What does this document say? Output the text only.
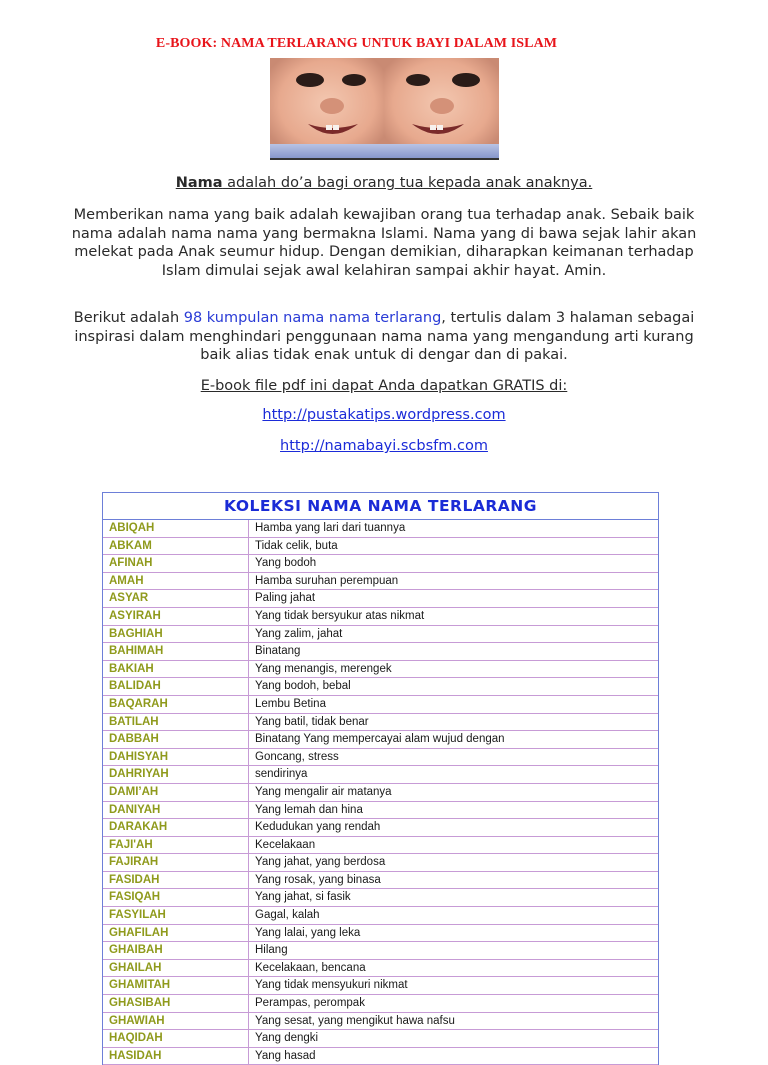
E-BOOK: NAMA TERLARANG UNTUK BAYI DALAM ISLAM
Nama adalah do’a bagi orang tua kepada anak anaknya.
Memberikan nama yang baik adalah kewajiban orang tua terhadap anak. Sebaik baik nama adalah nama nama yang bermakna Islami. Nama yang di bawa sejak lahir akan melekat pada Anak seumur hidup. Dengan demikian, diharapkan keimanan terhadap Islam dimulai sejak awal kelahiran sampai akhir hayat. Amin.
Berikut adalah 98 kumpulan nama nama terlarang, tertulis dalam 3 halaman sebagai inspirasi dalam menghindari penggunaan nama nama yang mengandung arti kurang baik alias tidak enak untuk di dengar dan di pakai.
E-book file pdf ini dapat Anda dapatkan GRATIS di:
http://pustakatips.wordpress.com
http://namabayi.scbsfm.com
KOLEKSI NAMA NAMA TERLARANG
ABIQAH	Hamba yang lari dari tuannya
ABKAM	Tidak celik, buta
AFINAH	Yang bodoh
AMAH	Hamba suruhan perempuan
ASYAR	Paling jahat
ASYIRAH	Yang tidak bersyukur atas nikmat
BAGHIAH	Yang zalim, jahat
BAHIMAH	Binatang
BAKIAH	Yang menangis, merengek
BALIDAH	Yang bodoh, bebal
BAQARAH	Lembu Betina
BATILAH	Yang batil, tidak benar
DABBAH	Binatang Yang mempercayai alam wujud dengan
DAHISYAH	Goncang, stress
DAHRIYAH	sendirinya
DAMI’AH	Yang mengalir air matanya
DANIYAH	Yang lemah dan hina
DARAKAH	Kedudukan yang rendah
FAJI'AH	Kecelakaan
FAJIRAH	Yang jahat, yang berdosa
FASIDAH	Yang rosak, yang binasa
FASIQAH	Yang jahat, si fasik
FASYILAH	Gagal, kalah
GHAFILAH	Yang lalai, yang leka
GHAIBAH	Hilang
GHAILAH	Kecelakaan, bencana
GHAMITAH	Yang tidak mensyukuri nikmat
GHASIBAH	Perampas, perompak
GHAWIAH	Yang sesat, yang mengikut hawa nafsu
HAQIDAH	Yang dengki
HASIDAH	Yang hasad
